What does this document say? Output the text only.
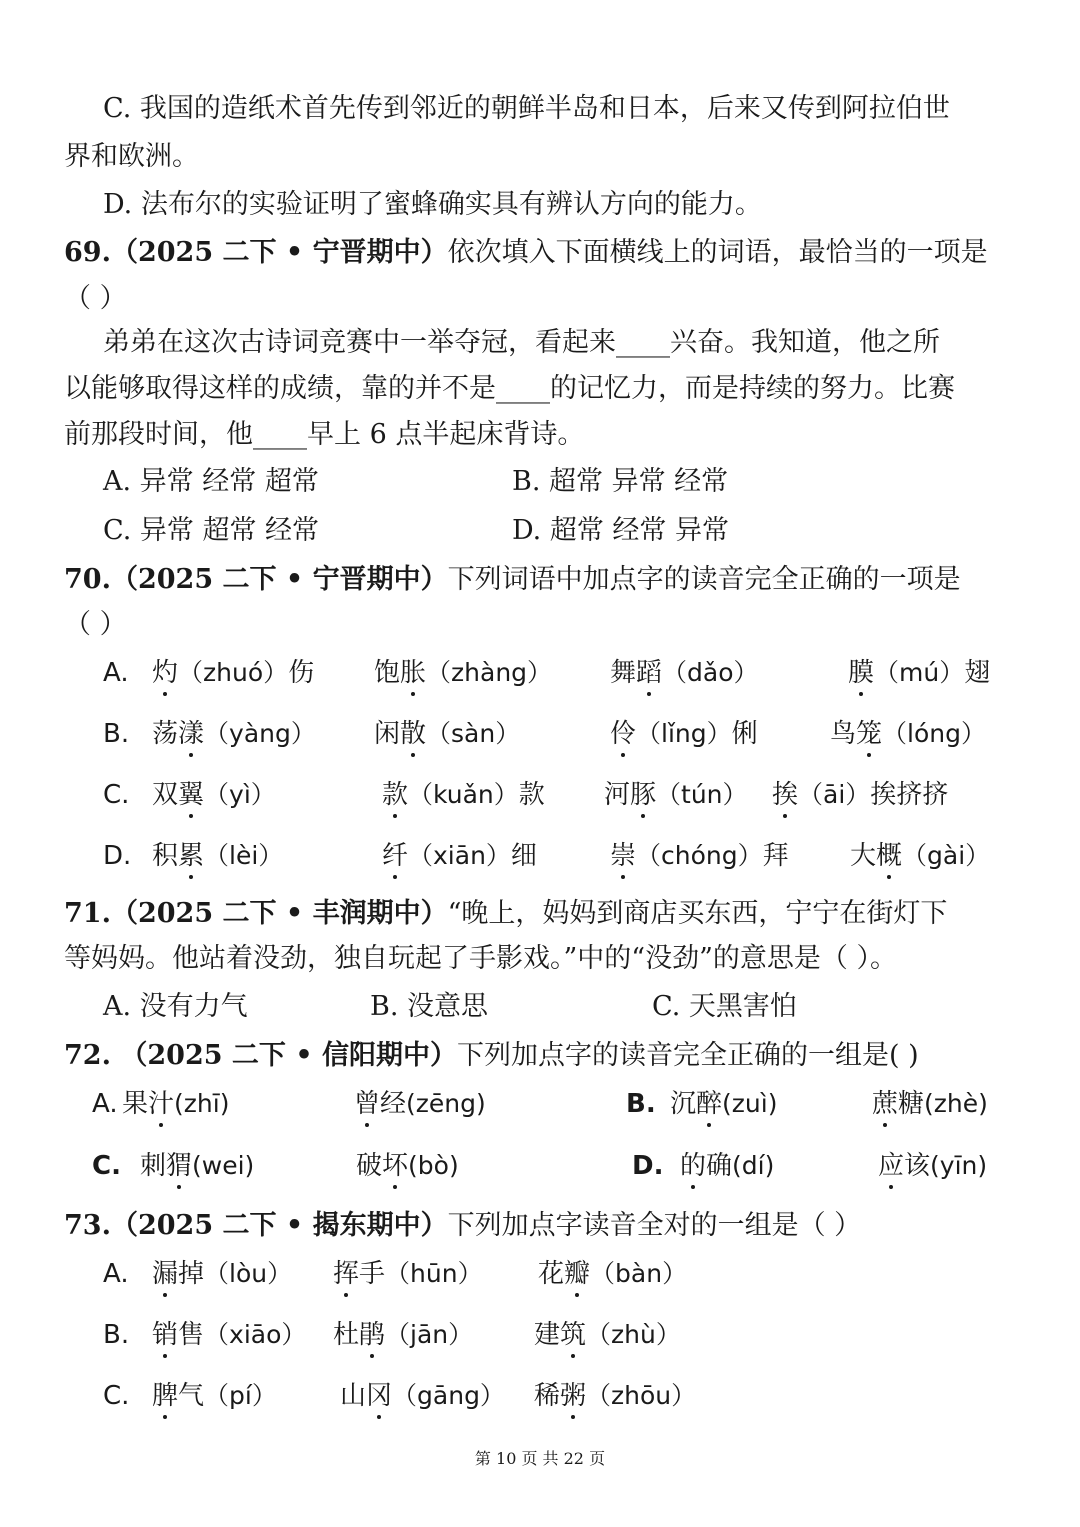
C. 我国的造纸术首先传到邻近的朝鲜半岛和日本，后来又传到阿拉伯世
界和欧洲。
D. 法布尔的实验证明了蜜蜂确实具有辨认方向的能力。
69.（2025 二下 • 宁晋期中）依次填入下面横线上的词语，最恰当的一项是
（ ）
弟弟在这次古诗词竞赛中一举夺冠，看起来____兴奋。我知道，他之所
以能够取得这样的成绩，靠的并不是____的记忆力，而是持续的努力。比赛
前那段时间，他____早上 6 点半起床背诗。
A. 异常 经常 超常	B. 超常 异常 经常
C. 异常 超常 经常	D. 超常 经常 异常
70.（2025 二下 • 宁晋期中）下列词语中加点字的读音完全正确的一项是
（ ）
A. 灼（zhuó）伤 饱胀（zhàng） 舞蹈（dǎo）	膜（mú）翅
B. 荡漾（yàng） 闲散（sàn）	伶（lǐng）俐	鸟笼（lóng）
C. 双翼（yì）	款（kuǎn）款 河豚（tún） 挨（āi）挨挤挤
D. 积累（lèi）	纤（xiān）细	崇（chóng）拜 大概（gài）
71.（2025 二下 • 丰润期中）“晚上，妈妈到商店买东西，宁宁在街灯下
等妈妈。他站着没劲，独自玩起了手影戏。”中的“没劲”的意思是（ ）。
A. 没有力气	B. 没意思	C. 天黑害怕
72. （2025 二下 • 信阳期中）下列加点字的读音完全正确的一组是( )
A. 果汁(zhī)	曾经(zēng)	B. 沉醉(zuì)	蔗糖(zhè)
C. 刺猬(wei)	破坏(bò)	D. 的确(dí)	应该(yīn)
73.（2025 二下 • 揭东期中）下列加点字读音全对的一组是（ ）
A. 漏掉（lòu） 挥手（hūn） 花瓣（bàn）
B. 销售（xiāo） 杜鹃（jān） 建筑（zhù）
C. 脾气（pí） 山冈（gāng） 稀粥（zhōu）
第 10 页 共 22 页
